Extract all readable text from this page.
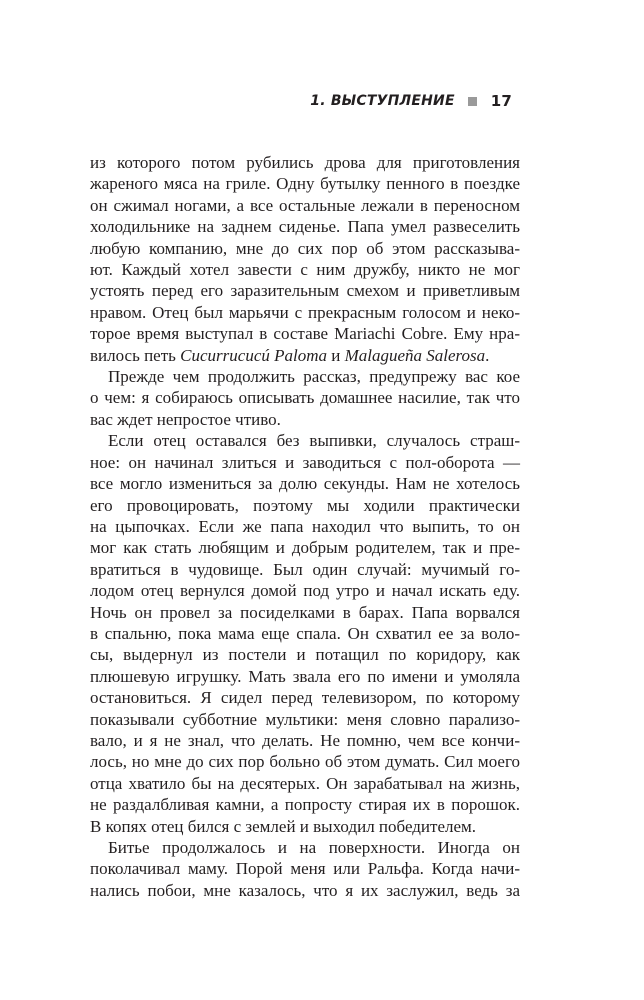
1. ВЫСТУПЛЕНИЕ 17

из которого потом рубились дрова для приготовления
жареного мяса на гриле. Одну бутылку пенного в поездке
он сжимал ногами, а все остальные лежали в переносном
холодильнике на заднем сиденье. Папа умел развеселить
любую компанию, мне до сих пор об этом рассказыва-
ют. Каждый хотел завести с ним дружбу, никто не мог
устоять перед его заразительным смехом и приветливым
нравом. Отец был марьячи с прекрасным голосом и неко-
торое время выступал в составе Mariachi Cobre. Ему нра-
вилось петь Cucurrucucú Paloma и Malagueña Salerosa.

Прежде чем продолжить рассказ, предупрежу вас кое
о чем: я собираюсь описывать домашнее насилие, так что
вас ждет непростое чтиво.

Если отец оставался без выпивки, случалось страш-
ное: он начинал злиться и заводиться с пол-оборота —
все могло измениться за долю секунды. Нам не хотелось
его провоцировать, поэтому мы ходили практически
на цыпочках. Если же папа находил что выпить, то он
мог как стать любящим и добрым родителем, так и пре-
вратиться в чудовище. Был один случай: мучимый го-
лодом отец вернулся домой под утро и начал искать еду.
Ночь он провел за посиделками в барах. Папа ворвался
в спальню, пока мама еще спала. Он схватил ее за воло-
сы, выдернул из постели и потащил по коридору, как
плюшевую игрушку. Мать звала его по имени и умоляла
остановиться. Я сидел перед телевизором, по которому
показывали субботние мультики: меня словно парализо-
вало, и я не знал, что делать. Не помню, чем все кончи-
лось, но мне до сих пор больно об этом думать. Сил моего
отца хватило бы на десятерых. Он зарабатывал на жизнь,
не раздалбливая камни, а попросту стирая их в порошок.
В копях отец бился с землей и выходил победителем.

Битье продолжалось и на поверхности. Иногда он
поколачивал маму. Порой меня или Ральфа. Когда начи-
нались побои, мне казалось, что я их заслужил, ведь за
